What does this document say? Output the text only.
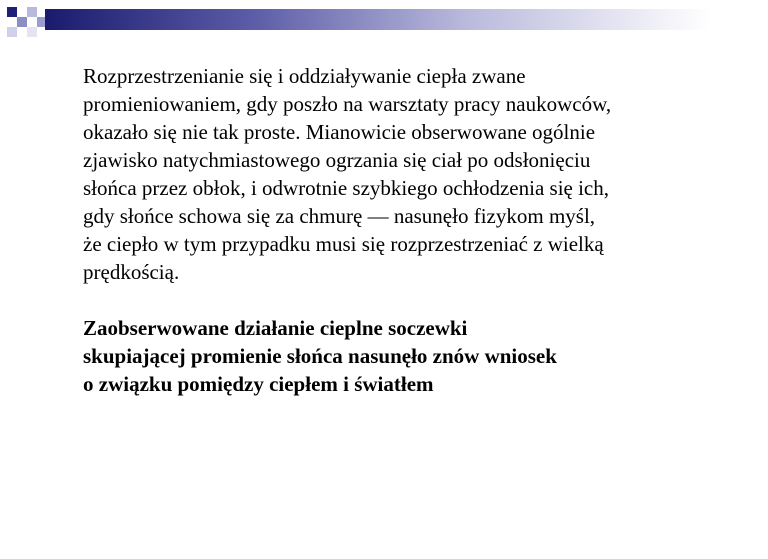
Rozprzestrzenianie się i oddziaływanie ciepła zwane
promieniowaniem, gdy poszło na warsztaty pracy naukowców,
okazało się nie tak proste. Mianowicie obserwowane ogólnie
zjawisko natychmiastowego ogrzania się ciał po odsłonięciu
słońca przez obłok, i odwrotnie szybkiego ochłodzenia się ich,
gdy słońce schowa się za chmurę — nasunęło fizykom myśl,
że ciepło w tym przypadku musi się rozprzestrzeniać z wielką
prędkością.

Zaobserwowane działanie cieplne soczewki
skupiającej promienie słońca nasunęło znów wniosek
o związku pomiędzy ciepłem i światłem
